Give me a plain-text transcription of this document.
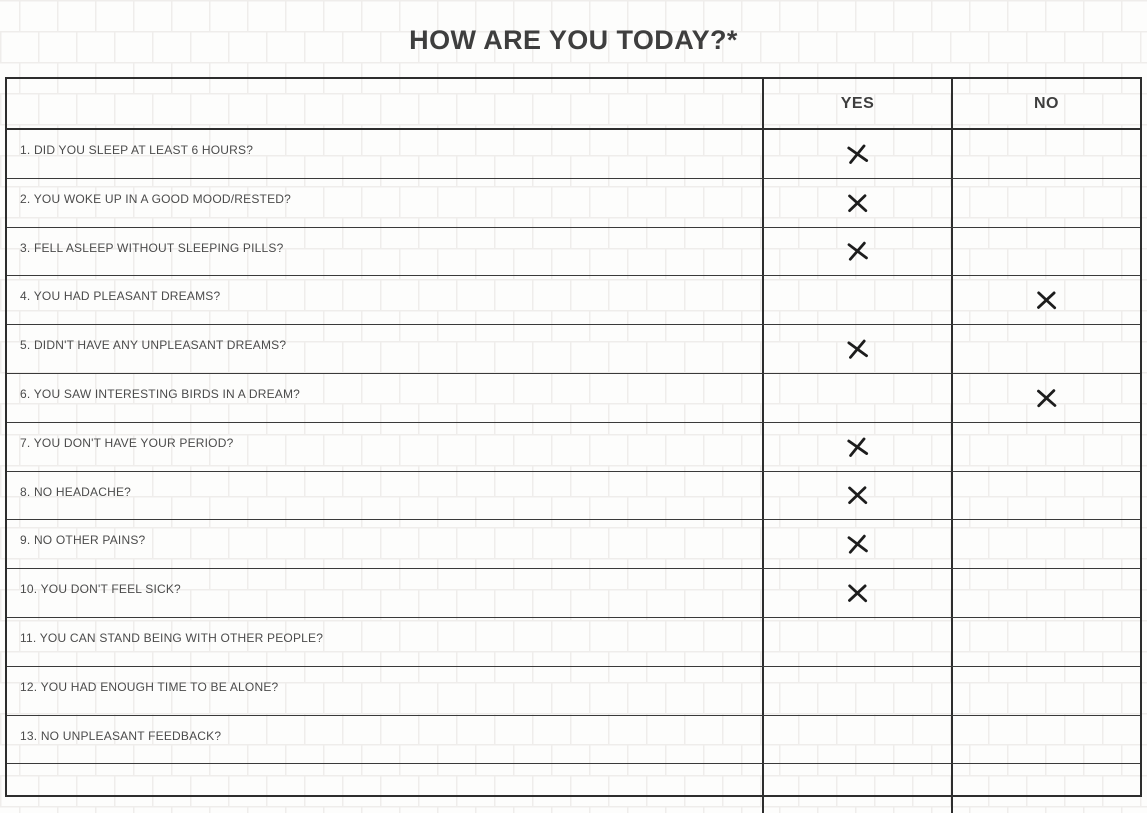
HOW ARE YOU TODAY?*
YES	NO
1. DID YOU SLEEP AT LEAST 6 HOURS?
2. YOU WOKE UP IN A GOOD MOOD/RESTED?
3. FELL ASLEEP WITHOUT SLEEPING PILLS?
4. YOU HAD PLEASANT DREAMS?
5. DIDN'T HAVE ANY UNPLEASANT DREAMS?
6. YOU SAW INTERESTING BIRDS IN A DREAM?
7. YOU DON'T HAVE YOUR PERIOD?
8. NO HEADACHE?
9. NO OTHER PAINS?
10. YOU DON'T FEEL SICK?
11. YOU CAN STAND BEING WITH OTHER PEOPLE?
12. YOU HAD ENOUGH TIME TO BE ALONE?
13. NO UNPLEASANT FEEDBACK?
